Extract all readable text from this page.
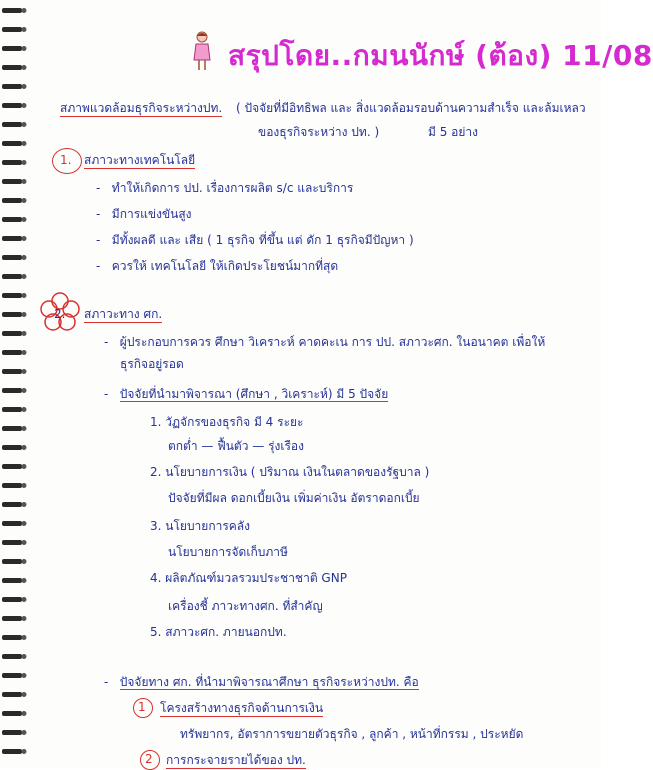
สรุปโดย..กมนนักษ์ (ต้อง) 11/08
สภาพแวดล้อมธุรกิจระหว่างปท. ( ปัจจัยที่มีอิทธิพล และ สิ่งแวดล้อมรอบด้านความสำเร็จ และล้มเหลว
ของธุรกิจระหว่าง ปท. )	มี 5 อย่าง
1. สภาวะทางเทคโนโลยี
-   ทำให้เกิดการ ปป. เรื่องการผลิต s/c และบริการ
-   มีการแข่งขันสูง
-   มีทั้งผลดี และ เสีย ( 1 ธุรกิจ ที่ขึ้น แต่ ดัก 1 ธุรกิจมีปัญหา )
-   ควรให้ เทคโนโลยี ให้เกิดประโยชน์มากที่สุด
2. สภาวะทาง ศก.
-   ผู้ประกอบการควร ศึกษา วิเคราะห์ คาดคะเน การ ปป. สภาวะศก. ในอนาคต เพื่อให้
ธุรกิจอยู่รอด
-   ปัจจัยที่นำมาพิจารณา (ศึกษา , วิเคราะห์) มี 5 ปัจจัย
1. วัฏจักรของธุรกิจ มี 4 ระยะ
ตกต่ำ — ฟื้นตัว — รุ่งเรือง
2. นโยบายการเงิน ( ปริมาณ เงินในตลาดของรัฐบาล )
ปัจจัยที่มีผล ดอกเบี้ยเงิน เพิ่มค่าเงิน อัตราดอกเบี้ย
3. นโยบายการคลัง
นโยบายการจัดเก็บภาษี
4. ผลิตภัณฑ์มวลรวมประชาชาติ GNP
เครื่องชี้ ภาวะทางศก. ที่สำคัญ
5. สภาวะศก. ภายนอกปท.
-   ปัจจัยทาง ศก. ที่นำมาพิจารณาศึกษา ธุรกิจระหว่างปท. คือ
1 โครงสร้างทางธุรกิจด้านการเงิน
ทรัพยากร, อัตราการขยายตัวธุรกิจ , ลูกค้า , หน้าที่กรรม , ประหยัด
2 การกระจายรายได้ของ ปท.
